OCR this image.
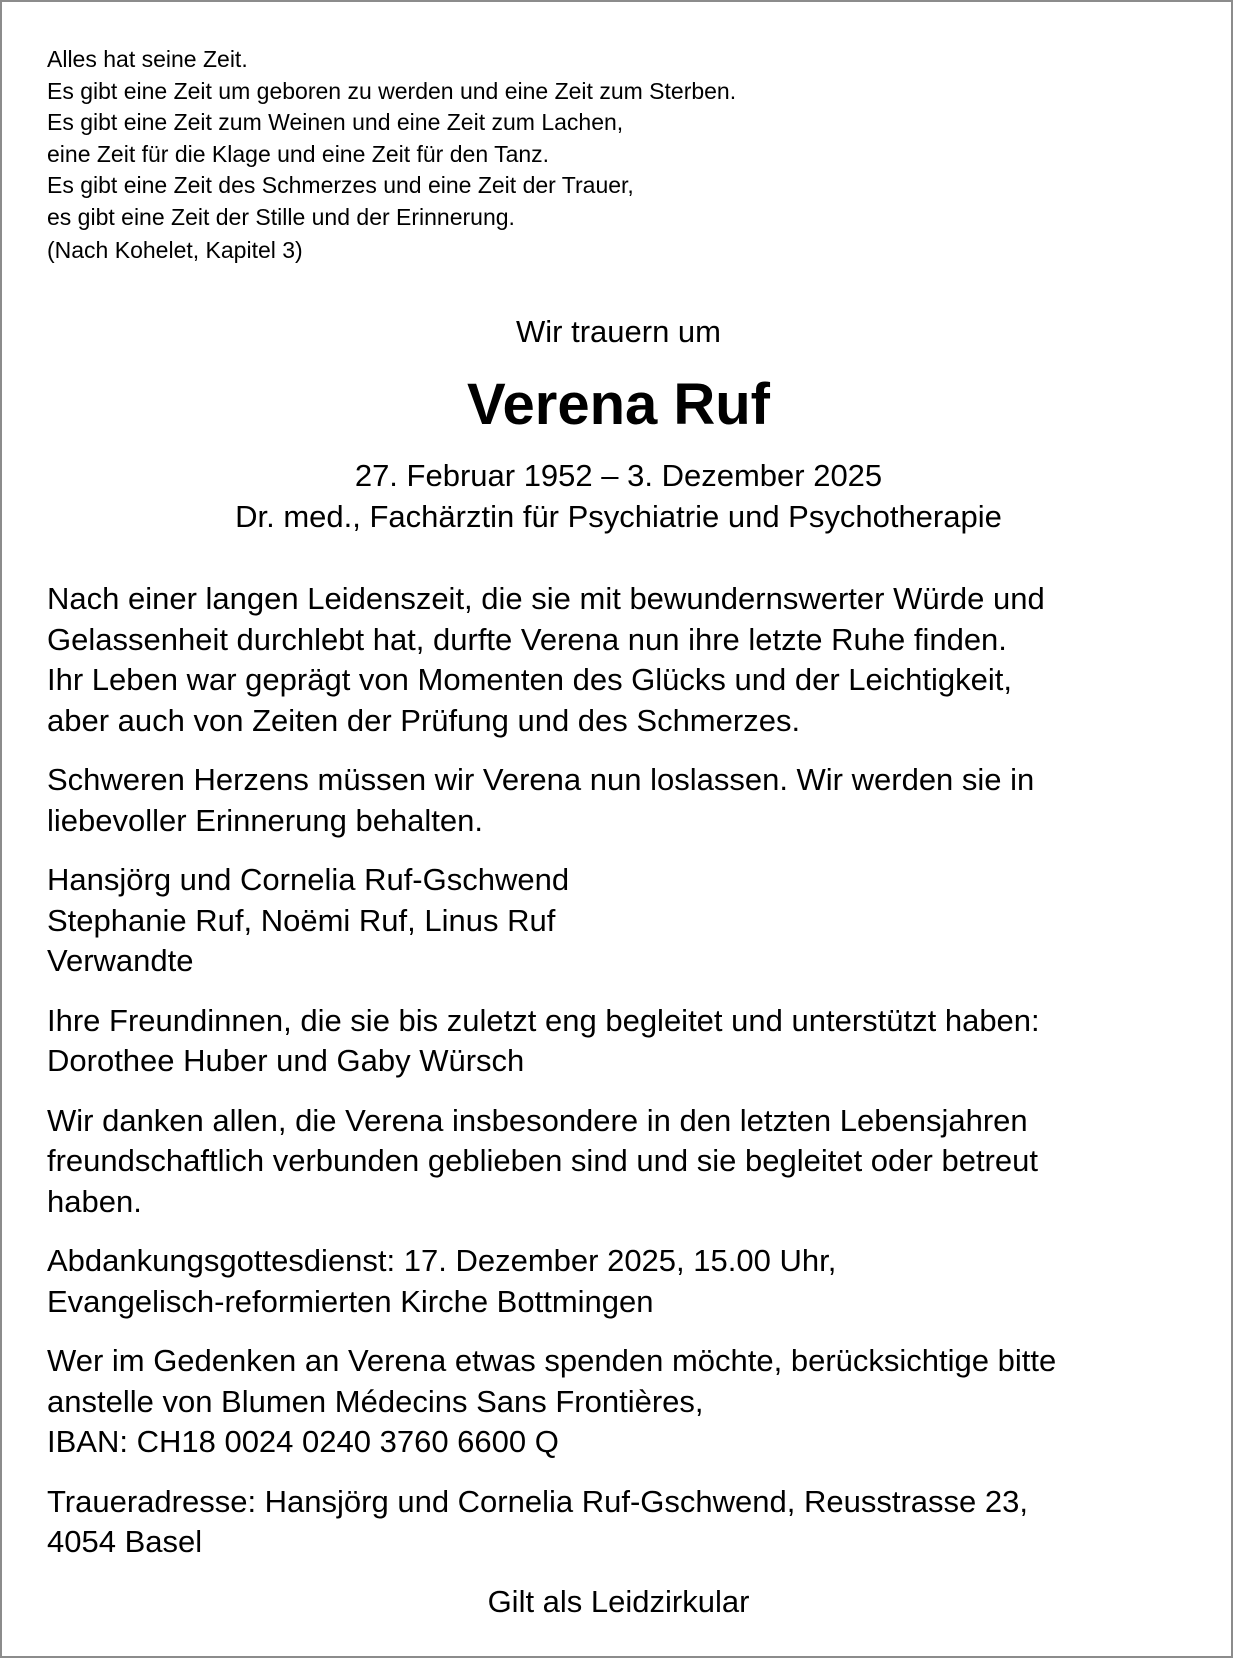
Alles hat seine Zeit.
Es gibt eine Zeit um geboren zu werden und eine Zeit zum Sterben.
Es gibt eine Zeit zum Weinen und eine Zeit zum Lachen,
eine Zeit für die Klage und eine Zeit für den Tanz.
Es gibt eine Zeit des Schmerzes und eine Zeit der Trauer,
es gibt eine Zeit der Stille und der Erinnerung.
(Nach Kohelet, Kapitel 3)
Wir trauern um
Verena Ruf
27. Februar 1952 – 3. Dezember 2025
Dr. med., Fachärztin für Psychiatrie und Psychotherapie
Nach einer langen Leidenszeit, die sie mit bewundernswerter Würde und
Gelassenheit durchlebt hat, durfte Verena nun ihre letzte Ruhe finden.
Ihr Leben war geprägt von Momenten des Glücks und der Leichtigkeit,
aber auch von Zeiten der Prüfung und des Schmerzes.
Schweren Herzens müssen wir Verena nun loslassen. Wir werden sie in
liebevoller Erinnerung behalten.
Hansjörg und Cornelia Ruf-Gschwend
Stephanie Ruf, Noëmi Ruf, Linus Ruf
Verwandte
Ihre Freundinnen, die sie bis zuletzt eng begleitet und unterstützt haben:
Dorothee Huber und Gaby Würsch
Wir danken allen, die Verena insbesondere in den letzten Lebensjahren
freundschaftlich verbunden geblieben sind und sie begleitet oder betreut
haben.
Abdankungsgottesdienst: 17. Dezember 2025, 15.00 Uhr,
Evangelisch-reformierten Kirche Bottmingen
Wer im Gedenken an Verena etwas spenden möchte, berücksichtige bitte
anstelle von Blumen Médecins Sans Frontières,
IBAN: CH18 0024 0240 3760 6600 Q
Traueradresse: Hansjörg und Cornelia Ruf-Gschwend, Reusstrasse 23,
4054 Basel
Gilt als Leidzirkular
